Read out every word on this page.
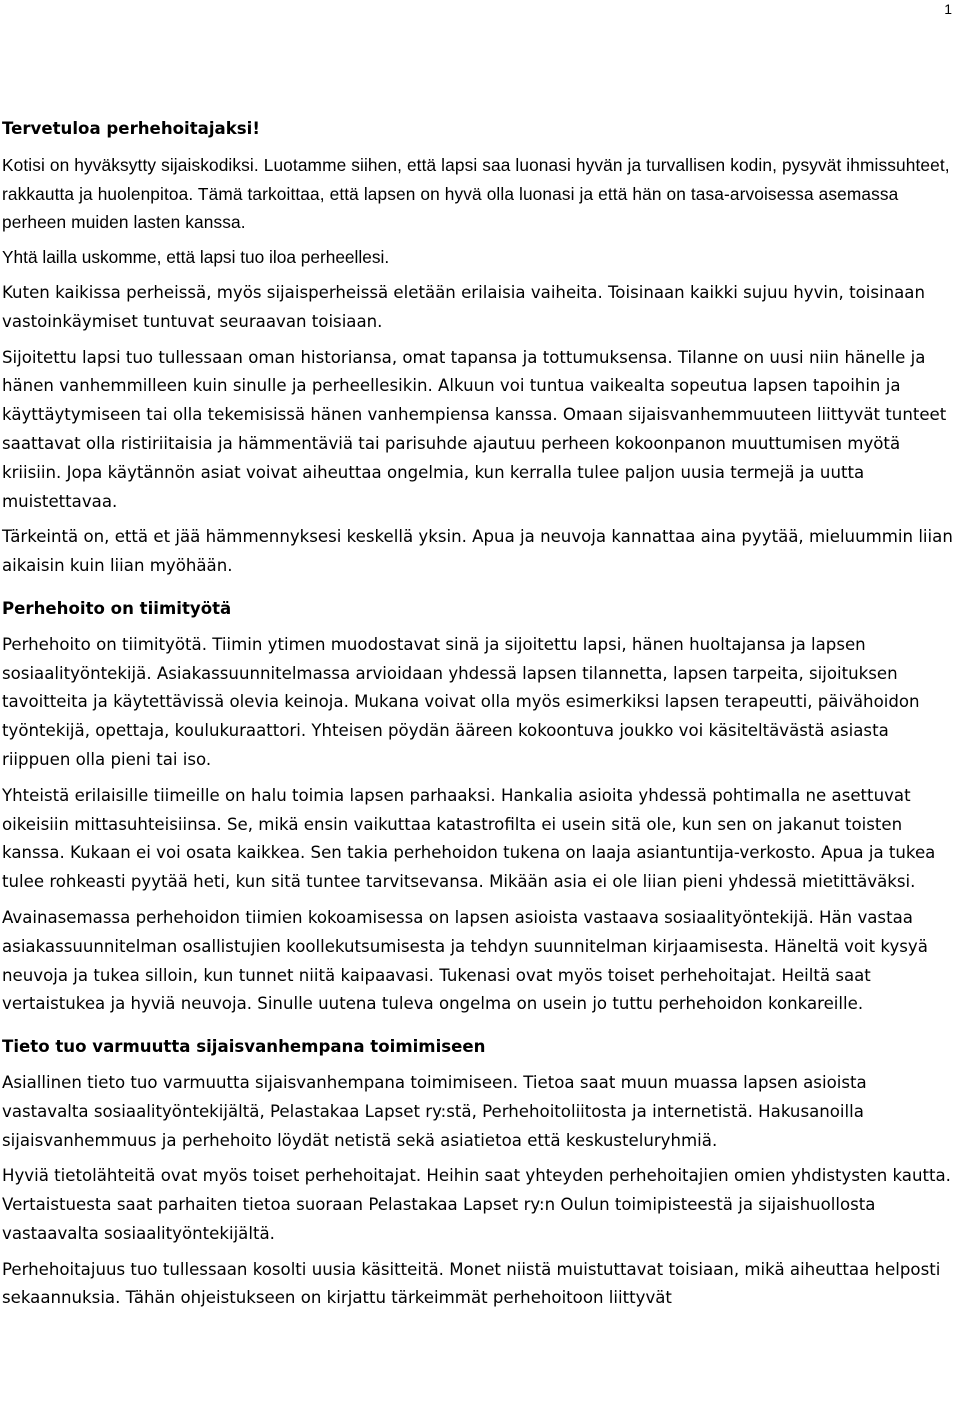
1

Tervetuloa perhehoitajaksi!

Kotisi on hyväksytty sijaiskodiksi. Luotamme siihen, että lapsi saa luonasi hyvän ja turvallisen kodin, pysyvät ihmissuhteet, rakkautta ja huolenpitoa. Tämä tarkoittaa, että lapsen on hyvä olla luonasi ja että hän on tasa-arvoisessa asemassa perheen muiden lasten kanssa.

Yhtä lailla uskomme, että lapsi tuo iloa perheellesi.

Kuten kaikissa perheissä, myös sijaisperheissä eletään erilaisia vaiheita. Toisinaan kaikki sujuu hyvin, toisinaan vastoinkäymiset tuntuvat seuraavan toisiaan.

Sijoitettu lapsi tuo tullessaan oman historiansa, omat tapansa ja tottumuksensa. Tilanne on uusi niin hänelle ja hänen vanhemmilleen kuin sinulle ja perheellesikin. Alkuun voi tuntua vaikealta sopeutua lapsen tapoihin ja käyttäytymiseen tai olla tekemisissä hänen vanhempiensa kanssa. Omaan sijaisvanhemmuuteen liittyvät tunteet saattavat olla ristiriitaisia ja hämmentäviä tai parisuhde ajautuu perheen kokoonpanon muuttumisen myötä kriisiin. Jopa käytännön asiat voivat aiheuttaa ongelmia, kun kerralla tulee paljon uusia termejä ja uutta muistettavaa.

Tärkeintä on, että et jää hämmennyksesi keskellä yksin. Apua ja neuvoja kannattaa aina pyytää, mieluummin liian aikaisin kuin liian myöhään.

Perhehoito on tiimityötä

Perhehoito on tiimityötä. Tiimin ytimen muodostavat sinä ja sijoitettu lapsi, hänen huoltajansa ja lapsen sosiaalityöntekijä. Asiakassuunnitelmassa arvioidaan yhdessä lapsen tilannetta, lapsen tarpeita, sijoituksen tavoitteita ja käytettävissä olevia keinoja. Mukana voivat olla myös esimerkiksi lapsen terapeutti, päivähoidon työntekijä, opettaja, koulukuraattori. Yhteisen pöydän ääreen kokoontuva joukko voi käsiteltävästä asiasta riippuen olla pieni tai iso.

Yhteistä erilaisille tiimeille on halu toimia lapsen parhaaksi. Hankalia asioita yhdessä pohtimalla ne asettuvat oikeisiin mittasuhteisiinsa. Se, mikä ensin vaikuttaa katastrofilta ei usein sitä ole, kun sen on jakanut toisten kanssa. Kukaan ei voi osata kaikkea. Sen takia perhehoidon tukena on laaja asiantuntija-verkosto. Apua ja tukea tulee rohkeasti pyytää heti, kun sitä tuntee tarvitsevansa. Mikään asia ei ole liian pieni yhdessä mietittäväksi.

Avainasemassa perhehoidon tiimien kokoamisessa on lapsen asioista vastaava sosiaalityöntekijä. Hän vastaa asiakassuunnitelman osallistujien koollekutsumisesta ja tehdyn suunnitelman kirjaamisesta. Häneltä voit kysyä neuvoja ja tukea silloin, kun tunnet niitä kaipaavasi. Tukenasi ovat myös toiset perhehoitajat. Heiltä saat vertaistukea ja hyviä neuvoja. Sinulle uutena tuleva ongelma on usein jo tuttu perhehoidon konkareille.

Tieto tuo varmuutta sijaisvanhempana toimimiseen

Asiallinen tieto tuo varmuutta sijaisvanhempana toimimiseen. Tietoa saat muun muassa lapsen asioista vastavalta sosiaalityöntekijältä, Pelastakaa Lapset ry:stä, Perhehoitoliitosta ja internetistä. Hakusanoilla sijaisvanhemmuus ja perhehoito löydät netistä sekä asiatietoa että keskusteluryhmiä.

Hyviä tietolähteitä ovat myös toiset perhehoitajat. Heihin saat yhteyden perhehoitajien omien yhdistysten kautta. Vertaistuesta saat parhaiten tietoa suoraan Pelastakaa Lapset ry:n Oulun toimipisteestä ja sijaishuollosta vastaavalta sosiaalityöntekijältä.

Perhehoitajuus tuo tullessaan kosolti uusia käsitteitä. Monet niistä muistuttavat toisiaan, mikä aiheuttaa helposti sekaannuksia. Tähän ohjeistukseen on kirjattu tärkeimmät perhehoitoon liittyvät
